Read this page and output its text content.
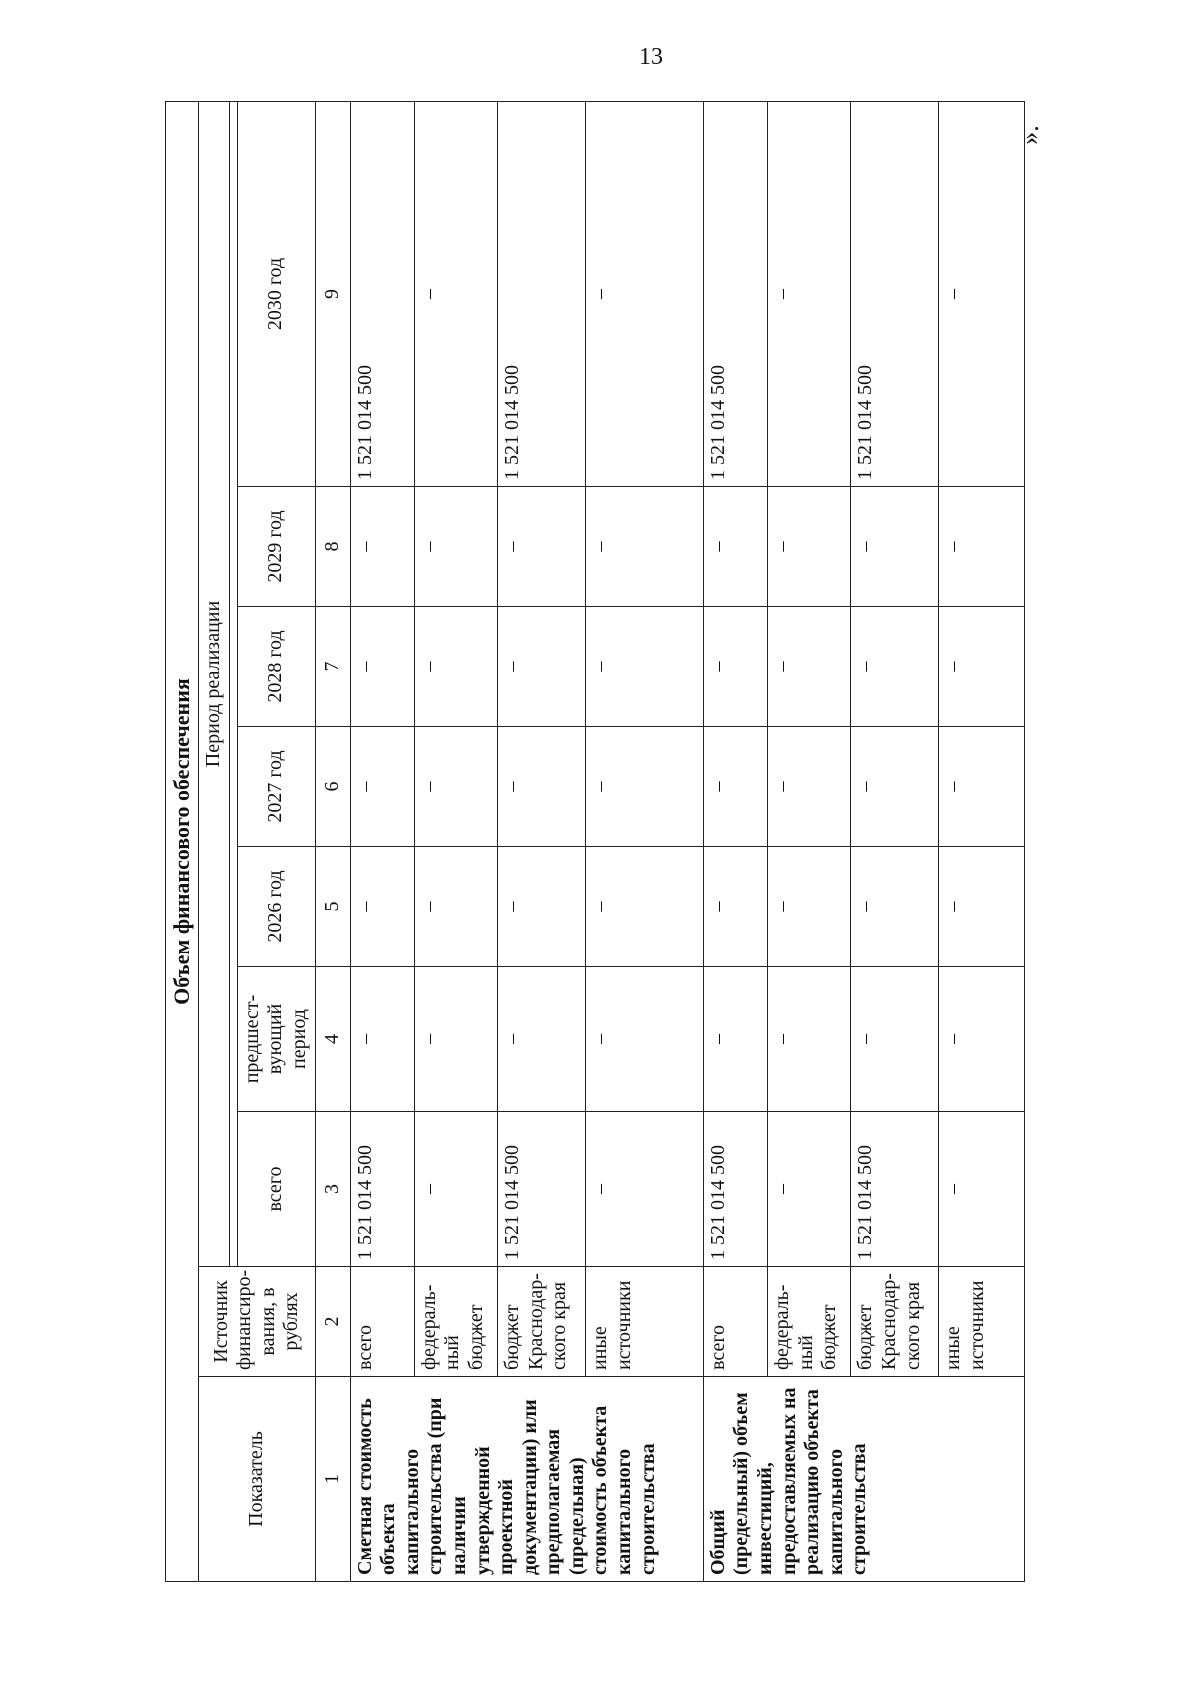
13
».
Объем финансового обеспечения								
Показатель	Источник финансиро-вания, в рублях	Период реализации						

		всего	предшест-вующий период	2026 год	2027 год	2028 год	2029 год	2030 год
1	2	3	4	5	6	7	8	9
Сметная стоимость объекта капитального строительства (при наличии утвержденной проектной документации) или предполагаемая (предельная) стоимость объекта капитального строительства	всего	1 521 014 500	–	–	–	–	–	1 521 014 500
	федераль-ный бюджет	–	–	–	–	–	–	–
	бюджет Краснодар-ского края	1 521 014 500	–	–	–	–	–	1 521 014 500
	иные источники	–	–	–	–	–	–	–
Общий (предельный) объем инвестиций, предоставляемых на реализацию объекта капитального строительства	всего	1 521 014 500	–	–	–	–	–	1 521 014 500
	федераль-ный бюджет	–	–	–	–	–	–	–
	бюджет Краснодар-ского края	1 521 014 500	–	–	–	–	–	1 521 014 500
	иные источники	–	–	–	–	–	–	–
